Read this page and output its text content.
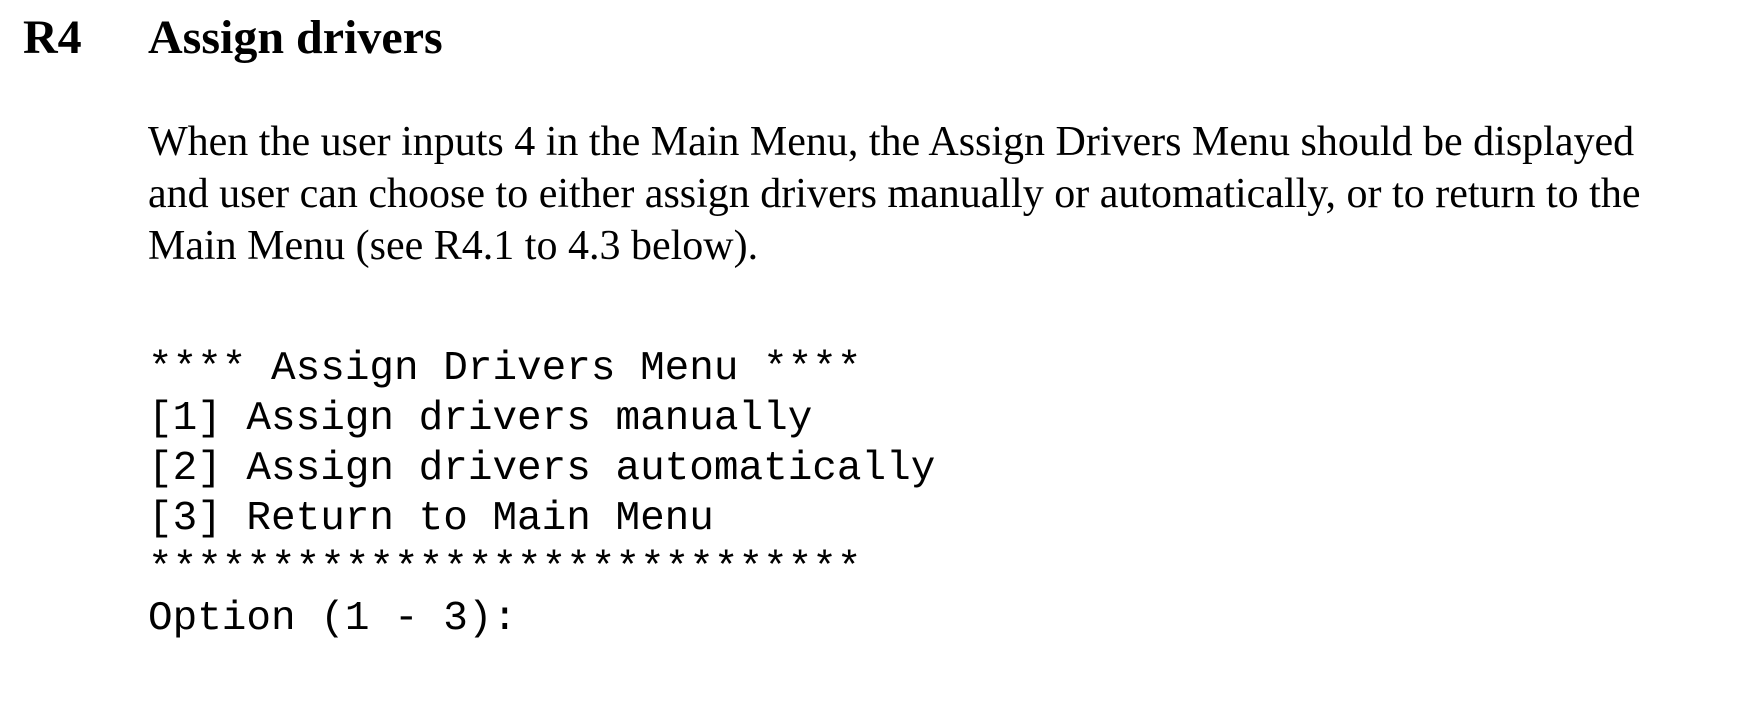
R4 Assign drivers
When the user inputs 4 in the Main Menu, the Assign Drivers Menu should be displayed
and user can choose to either assign drivers manually or automatically, or to return to the
Main Menu (see R4.1 to 4.3 below).
**** Assign Drivers Menu ****
[1] Assign drivers manually
[2] Assign drivers automatically
[3] Return to Main Menu
*****************************
Option (1 - 3):
